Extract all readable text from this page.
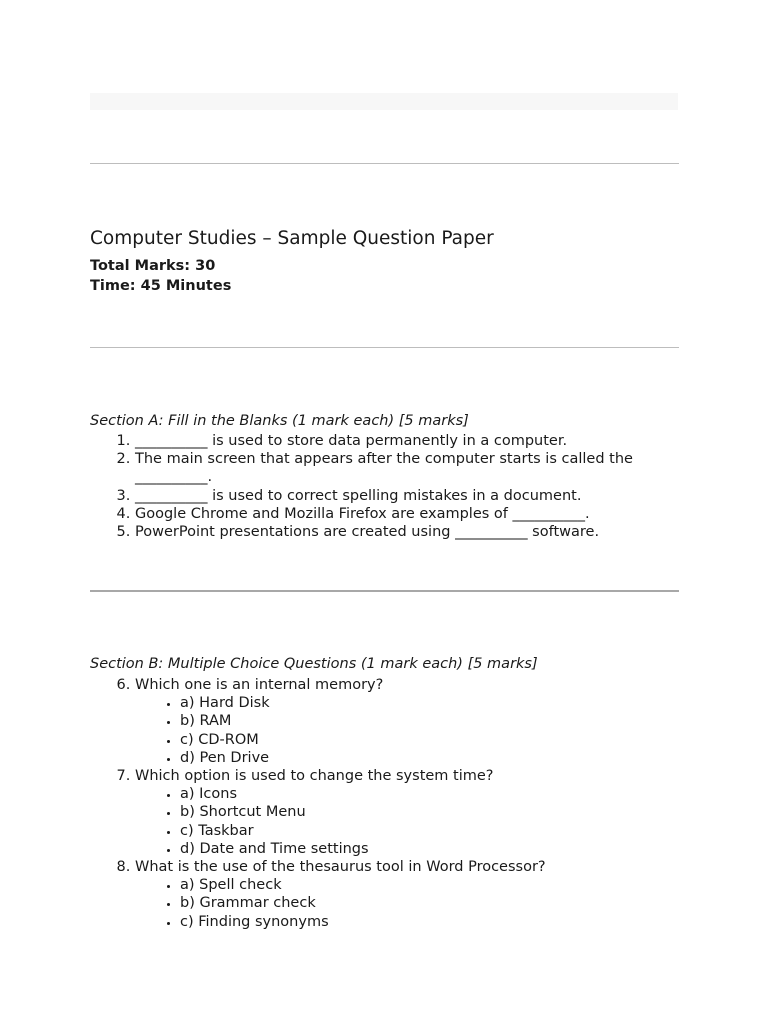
Computer Studies – Sample Question Paper

Total Marks: 30

Time: 45 Minutes

Section A: Fill in the Blanks (1 mark each) [5 marks]

1. __________ is used to store data permanently in a computer.
2. The main screen that appears after the computer starts is called the __________.
3. __________ is used to correct spelling mistakes in a document.
4. Google Chrome and Mozilla Firefox are examples of __________.
5. PowerPoint presentations are created using __________ software.

Section B: Multiple Choice Questions (1 mark each) [5 marks]

6. Which one is an internal memory?
• a) Hard Disk
• b) RAM
• c) CD-ROM
• d) Pen Drive
7. Which option is used to change the system time?
• a) Icons
• b) Shortcut Menu
• c) Taskbar
• d) Date and Time settings
8. What is the use of the thesaurus tool in Word Processor?
• a) Spell check
• b) Grammar check
• c) Finding synonyms
